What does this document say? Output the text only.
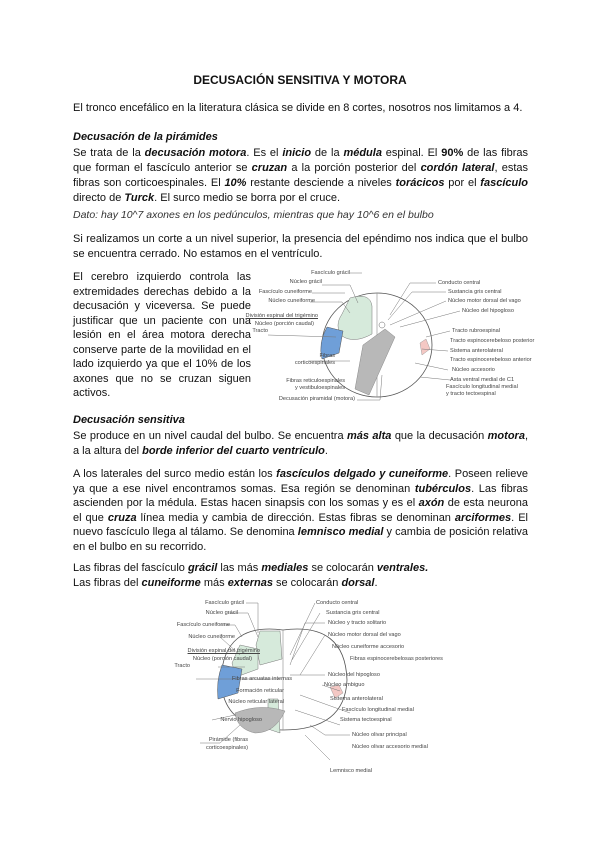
DECUSACIÓN SENSITIVA Y MOTORA
El tronco encefálico en la literatura clásica se divide en 8 cortes, nosotros nos limitamos a 4.
Decusación de la pirámides
Se trata de la decusación motora. Es el inicio de la médula espinal. El 90% de las fibras que forman el fascículo anterior se cruzan a la porción posterior del cordón lateral, estas fibras son corticoespinales. El 10% restante desciende a niveles torácicos por el fascículo directo de Turck. El surco medio se borra por el cruce.
Dato: hay 10^7 axones en los pedúnculos, mientras que hay 10^6 en el bulbo
Si realizamos un corte a un nivel superior, la presencia del epéndimo nos indica que el bulbo se encuentra cerrado. No estamos en el ventrículo.
El cerebro izquierdo controla las extremidades derechas debido a la decusación y viceversa. Se puede justificar que un paciente con una lesión en el área motora derecha conserve parte de la movilidad en el lado izquierdo ya que el 10% de los axones que no se cruzan siguen activos.
Fascículo grácil
Núcleo grácil
Fascículo cuneiforme
Núcleo cuneiforme
División espinal del trigémino
Núcleo (porción caudal)
Tracto
Fibras
corticoespinales
Fibras reticuloespinales
y vestibuloespinales
Decusación piramidal (motora)
Conducto central
Sustancia gris central
Núcleo motor dorsal del vago
Núcleo del hipogloso
Tracto rubroespinal
Tracto espinocerebeloso posterior
Sistema anterolateral
Tracto espinocerebeloso anterior
Núcleo accesorio
Asta ventral medial de C1
Fascículo longitudinal medial
y tracto tectoespinal
Decusación sensitiva
Se produce en un nivel caudal del bulbo. Se encuentra más alta que la decusación motora, a la altura del borde inferior del cuarto ventrículo.
A los laterales del surco medio están los fascículos delgado y cuneiforme. Poseen relieve ya que a ese nivel encontramos somas. Esa región se denominan tubérculos. Las fibras ascienden por la médula. Estas hacen sinapsis con los somas y es el axón de esta neurona el que cruza línea media y cambia de dirección. Estas fibras se denominan arciformes. El nuevo fascículo llega al tálamo. Se denomina lemnisco medial y cambia de posición relativa en el bulbo en su recorrido.
Las fibras del fascículo grácil las más mediales se colocarán ventrales.
Las fibras del cuneiforme más externas se colocarán dorsal.
Fascículo grácil
Núcleo grácil
Fascículo cuneiforme
Núcleo cuneiforme
División espinal del trigémino
Núcleo (porción caudal)
Tracto
Fibras arcuatas internas
Formación reticular
Núcleo reticular lateral
Nervio hipogloso
Pirámide (fibras
corticoespinales)
Conducto central
Sustancia gris central
Núcleo y tracto solitario
Núcleo motor dorsal del vago
Núcleo cuneiforme accesorio
Fibras espinocerebelosas posteriores
Núcleo del hipogloso
Núcleo ambiguo
Sistema anterolateral
Fascículo longitudinal medial
Sistema tectoespinal
Núcleo olivar principal
Núcleo olivar accesorio medial
Lemnisco medial
